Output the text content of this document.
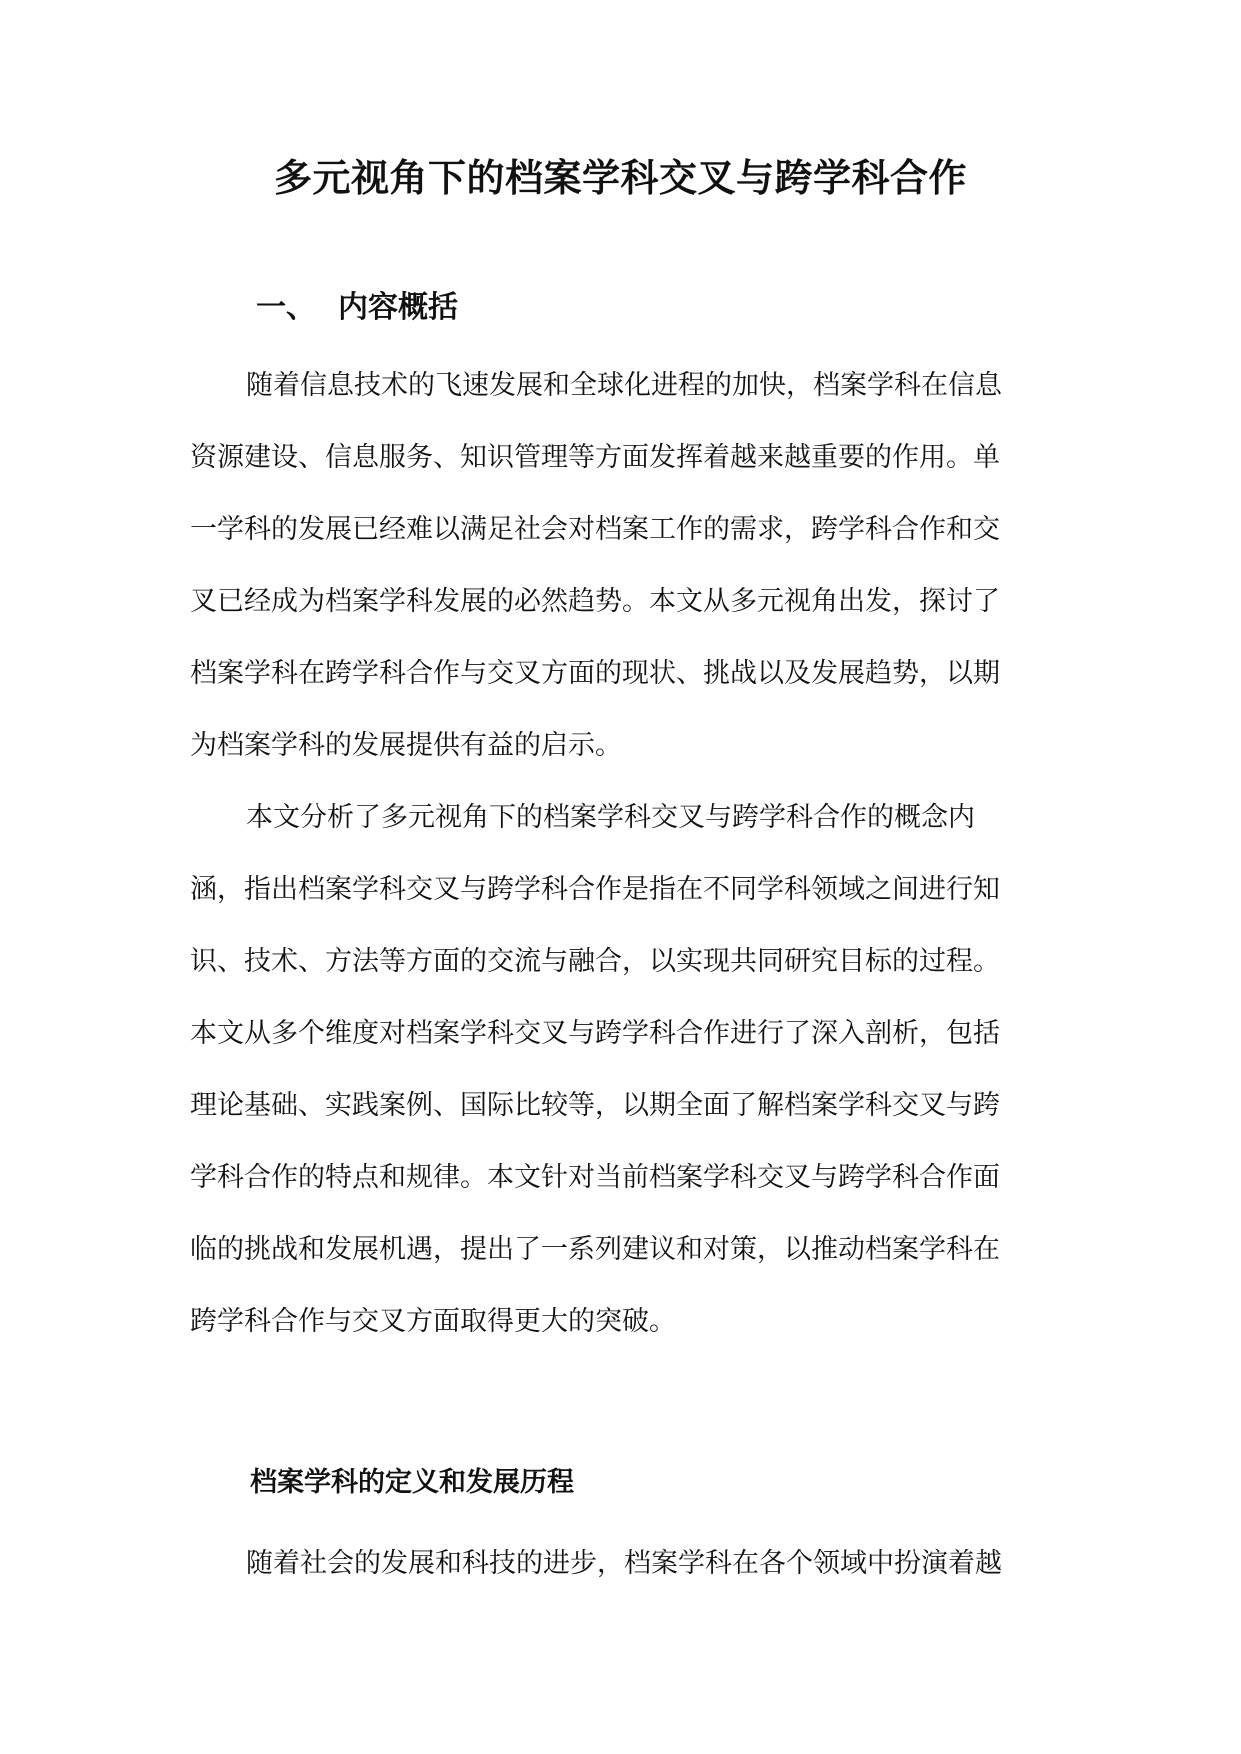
多元视角下的档案学科交叉与跨学科合作
一、 内容概括

随着信息技术的飞速发展和全球化进程的加快，档案学科在信息

资源建设、信息服务、知识管理等方面发挥着越来越重要的作用。单

一学科的发展已经难以满足社会对档案工作的需求，跨学科合作和交

叉已经成为档案学科发展的必然趋势。本文从多元视角出发，探讨了

档案学科在跨学科合作与交叉方面的现状、挑战以及发展趋势，以期

为档案学科的发展提供有益的启示。

本文分析了多元视角下的档案学科交叉与跨学科合作的概念内

涵，指出档案学科交叉与跨学科合作是指在不同学科领域之间进行知

识、技术、方法等方面的交流与融合，以实现共同研究目标的过程。

本文从多个维度对档案学科交叉与跨学科合作进行了深入剖析，包括

理论基础、实践案例、国际比较等，以期全面了解档案学科交叉与跨

学科合作的特点和规律。本文针对当前档案学科交叉与跨学科合作面

临的挑战和发展机遇，提出了一系列建议和对策，以推动档案学科在

跨学科合作与交叉方面取得更大的突破。

档案学科的定义和发展历程

随着社会的发展和科技的进步，档案学科在各个领域中扮演着越
